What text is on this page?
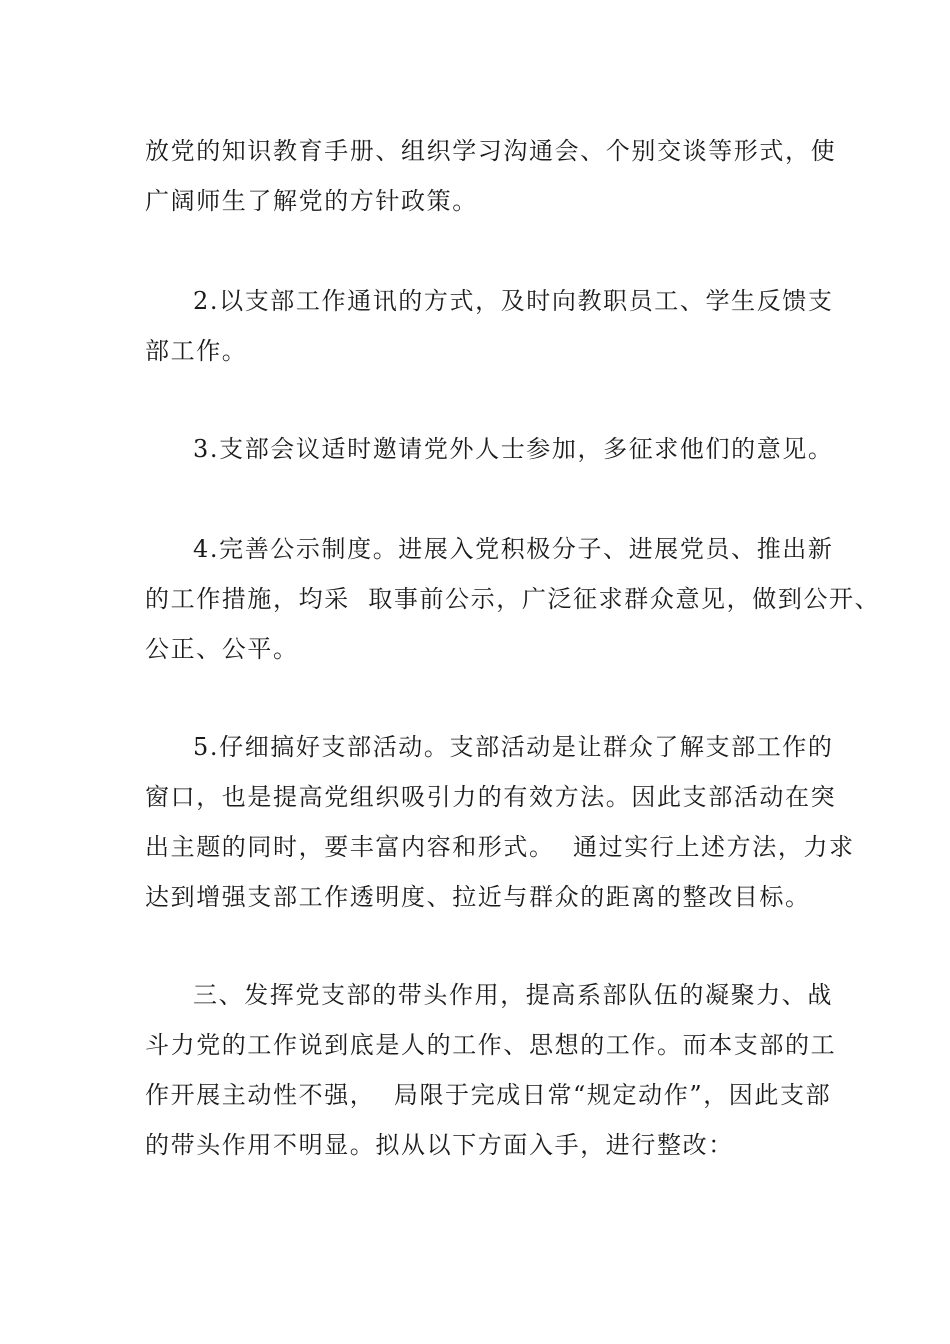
放党的知识教育手册、组织学习沟通会、个别交谈等形式，使
广阔师生了解党的方针政策。
2.以支部工作通讯的方式，及时向教职员工、学生反馈支
部工作。
3.支部会议适时邀请党外人士参加，多征求他们的意见。
4.完善公示制度。进展入党积极分子、进展党员、推出新
的工作措施，均采  取事前公示，广泛征求群众意见，做到公开、
公正、公平。
5.仔细搞好支部活动。支部活动是让群众了解支部工作的
窗口，也是提高党组织吸引力的有效方法。因此支部活动在突
出主题的同时，要丰富内容和形式。  通过实行上述方法，力求
达到增强支部工作透明度、拉近与群众的距离的整改目标。
三、发挥党支部的带头作用，提高系部队伍的凝聚力、战
斗力党的工作说到底是人的工作、思想的工作。而本支部的工
作开展主动性不强，  局限于完成日常“规定动作”，因此支部
的带头作用不明显。拟从以下方面入手，进行整改：
